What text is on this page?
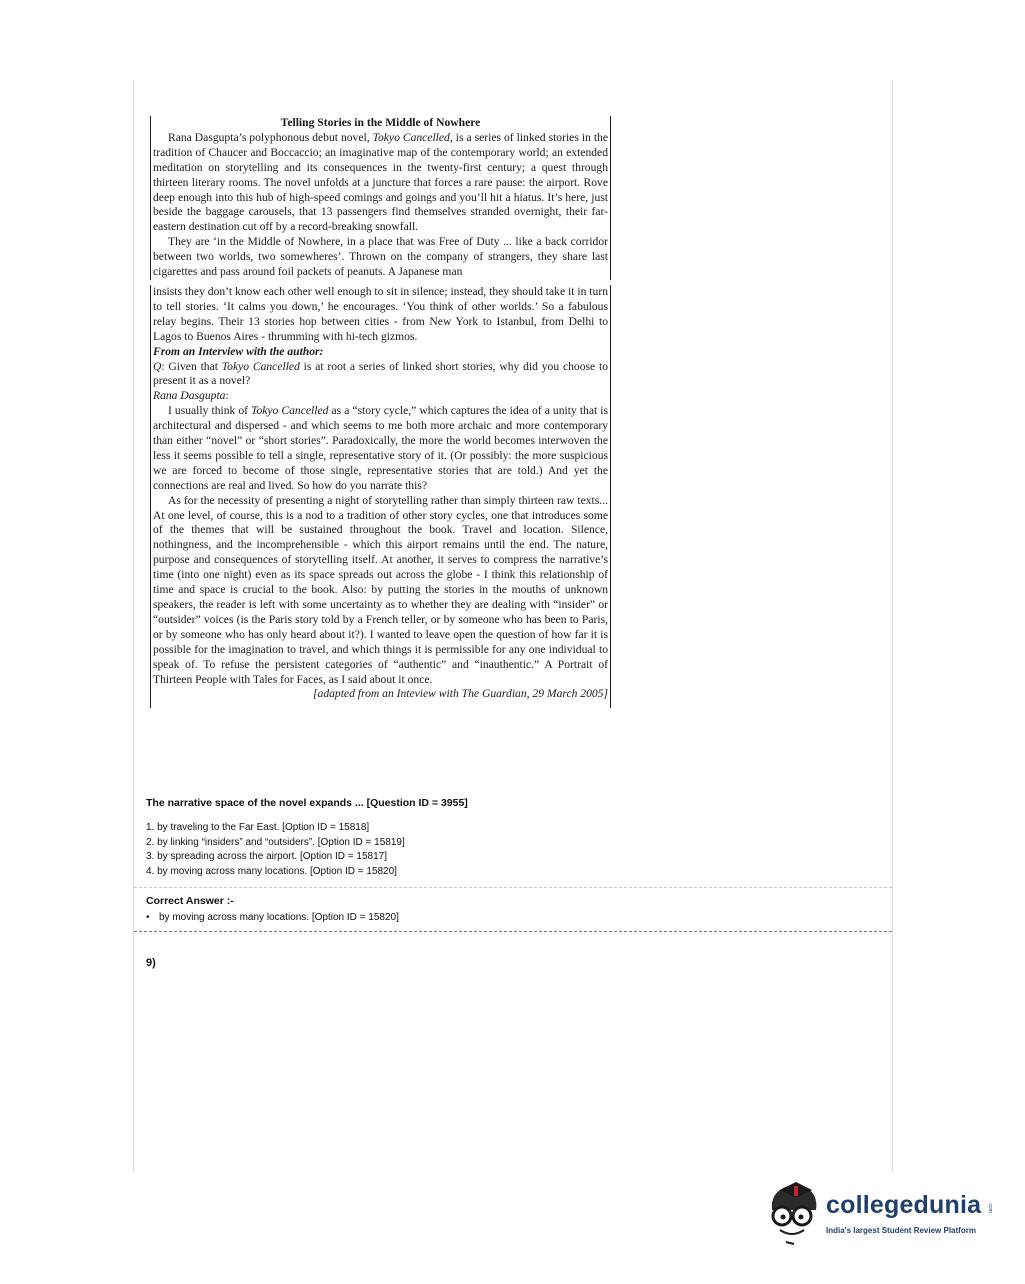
Telling Stories in the Middle of Nowhere

Rana Dasgupta’s polyphonous debut novel, Tokyo Cancelled, is a series of linked stories in the tradition of Chaucer and Boccaccio; an imaginative map of the contemporary world; an extended meditation on storytelling and its consequences in the twenty-first century; a quest through thirteen literary rooms. The novel unfolds at a juncture that forces a rare pause: the airport. Rove deep enough into this hub of high-speed comings and goings and you’ll hit a hiatus. It’s here, just beside the baggage carousels, that 13 passengers find themselves stranded overnight, their far-eastern destination cut off by a record-breaking snowfall.

They are ‘in the Middle of Nowhere, in a place that was Free of Duty ... like a back corridor between two worlds, two somewheres’. Thrown on the company of strangers, they share last cigarettes and pass around foil packets of peanuts. A Japanese man

insists they don’t know each other well enough to sit in silence; instead, they should take it in turn to tell stories. ‘It calms you down,’ he encourages. ‘You think of other worlds.’ So a fabulous relay begins. Their 13 stories hop between cities - from New York to Istanbul, from Delhi to Lagos to Buenos Aires - thrumming with hi-tech gizmos.

From an Interview with the author:

Q: Given that Tokyo Cancelled is at root a series of linked short stories, why did you choose to present it as a novel?

Rana Dasgupta:

I usually think of Tokyo Cancelled as a “story cycle,” which captures the idea of a unity that is architectural and dispersed - and which seems to me both more archaic and more contemporary than either “novel” or “short stories”. Paradoxically, the more the world becomes interwoven the less it seems possible to tell a single, representative story of it. (Or possibly: the more suspicious we are forced to become of those single, representative stories that are told.) And yet the connections are real and lived. So how do you narrate this?

As for the necessity of presenting a night of storytelling rather than simply thirteen raw texts... At one level, of course, this is a nod to a tradition of other story cycles, one that introduces some of the themes that will be sustained throughout the book. Travel and location. Silence, nothingness, and the incomprehensible - which this airport remains until the end. The nature, purpose and consequences of storytelling itself. At another, it serves to compress the narrative’s time (into one night) even as its space spreads out across the globe - I think this relationship of time and space is crucial to the book. Also: by putting the stories in the mouths of unknown speakers, the reader is left with some uncertainty as to whether they are dealing with “insider” or “outsider” voices (is the Paris story told by a French teller, or by someone who has been to Paris, or by someone who has only heard about it?). I wanted to leave open the question of how far it is possible for the imagination to travel, and which things it is permissible for any one individual to speak of. To refuse the persistent categories of “authentic” and “inauthentic.” A Portrait of Thirteen People with Tales for Faces, as I said about it once.

[adapted from an Inteview with The Guardian, 29 March 2005]

The narrative space of the novel expands ... [Question ID = 3955]
1. by traveling to the Far East. [Option ID = 15818]
2. by linking “insiders” and “outsiders”. [Option ID = 15819]
3. by spreading across the airport. [Option ID = 15817]
4. by moving across many locations. [Option ID = 15820]
Correct Answer :-
• by moving across many locations. [Option ID = 15820]
9)
collegedunia .com
India's largest Student Review Platform
